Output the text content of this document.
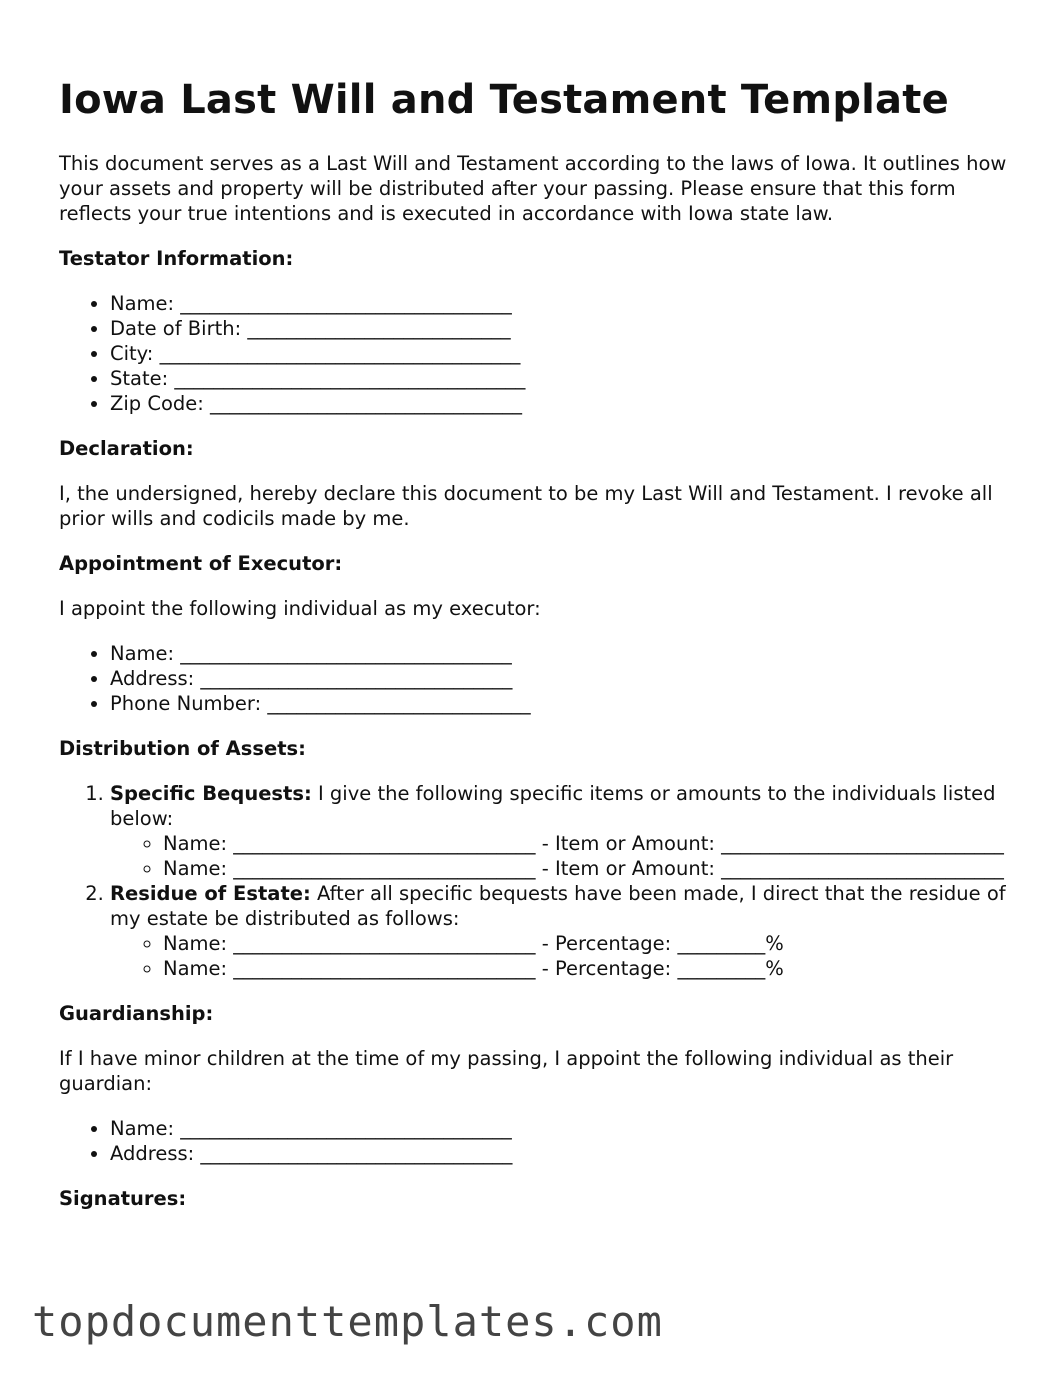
Iowa Last Will and Testament Template

This document serves as a Last Will and Testament according to the laws of Iowa. It outlines how your assets and property will be distributed after your passing. Please ensure that this form reflects your true intentions and is executed in accordance with Iowa state law.

Testator Information:
• Name: __________________________________
• Date of Birth: ___________________________
• City: _____________________________________
• State: ____________________________________
• Zip Code: ________________________________
Declaration:

I, the undersigned, hereby declare this document to be my Last Will and Testament. I revoke all prior wills and codicils made by me.

Appointment of Executor:

I appoint the following individual as my executor:

• Name: __________________________________
• Address: ________________________________
• Phone Number: ___________________________
Distribution of Assets:
1. Specific Bequests: I give the following specific items or amounts to the individuals listed below:
◦ Name: _______________________________ - Item or Amount: _____________________________
◦ Name: _______________________________ - Item or Amount: _____________________________
2. Residue of Estate: After all specific bequests have been made, I direct that the residue of my estate be distributed as follows:
◦ Name: _______________________________ - Percentage: _________%
◦ Name: _______________________________ - Percentage: _________%
Guardianship:

If I have minor children at the time of my passing, I appoint the following individual as their guardian:

• Name: __________________________________
• Address: ________________________________
Signatures:
topdocumenttemplates.com
